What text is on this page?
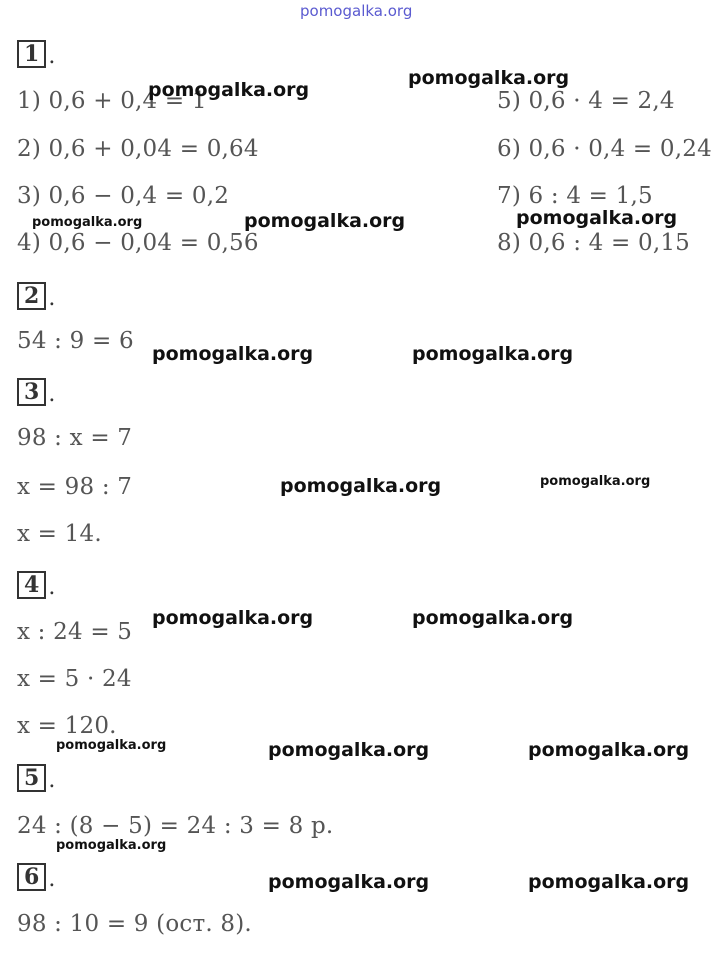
pomogalka.org
1 .
1) 0,6 + 0,4 = 1
2) 0,6 + 0,04 = 0,64
3) 0,6 − 0,4 = 0,2
4) 0,6 − 0,04 = 0,56
5) 0,6 · 4 = 2,4
6) 0,6 · 0,4 = 0,24
7) 6 : 4 = 1,5
8) 0,6 : 4 = 0,15
2 .
54 : 9 = 6
3 .
98 : x = 7
x = 98 : 7
x = 14.
4 .
x : 24 = 5
x = 5 · 24
x = 120.
5 .
24 : (8 − 5) = 24 : 3 = 8 р.
6 .
98 : 10 = 9 (ост. 8).
pomogalka.org
pomogalka.org
pomogalka.org	pomogalka.org	pomogalka.org
pomogalka.org	pomogalka.org
pomogalka.org	pomogalka.org
pomogalka.org	pomogalka.org
pomogalka.org	pomogalka.org	pomogalka.org
pomogalka.org
pomogalka.org	pomogalka.org
